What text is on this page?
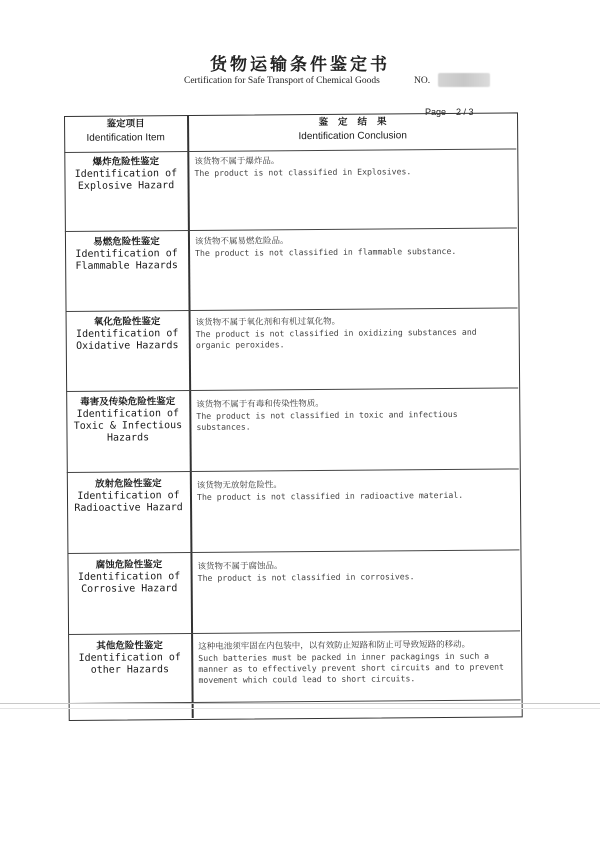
货物运输条件鉴定书
Certification for Safe Transport of Chemical Goods	NO.
Page 2 / 3
鉴定项目
Identification Item
鉴定结果
Identification Conclusion
爆炸危险性鉴定
Identification of Explosive Hazard
该货物不属于爆炸品。
The product is not classified in Explosives.
易燃危险性鉴定
Identification of Flammable Hazards
该货物不属易燃危险品。
The product is not classified in flammable substance.
氧化危险性鉴定
Identification of Oxidative Hazards
该货物不属于氧化剂和有机过氧化物。
The product is not classified in oxidizing substances and organic peroxides.
毒害及传染危险性鉴定
Identification of Toxic & Infectious Hazards
该货物不属于有毒和传染性物质。
The product is not classified in toxic and infectious substances.
放射危险性鉴定
Identification of Radioactive Hazard
该货物无放射危险性。
The product is not classified in radioactive material.
腐蚀危险性鉴定
Identification of Corrosive Hazard
该货物不属于腐蚀品。
The product is not classified in corrosives.
其他危险性鉴定
Identification of other Hazards
这种电池须牢固在内包装中，以有效防止短路和防止可导致短路的移动。
Such batteries must be packed in inner packagings in such a manner as to effectively prevent short circuits and to prevent movement which could lead to short circuits.
